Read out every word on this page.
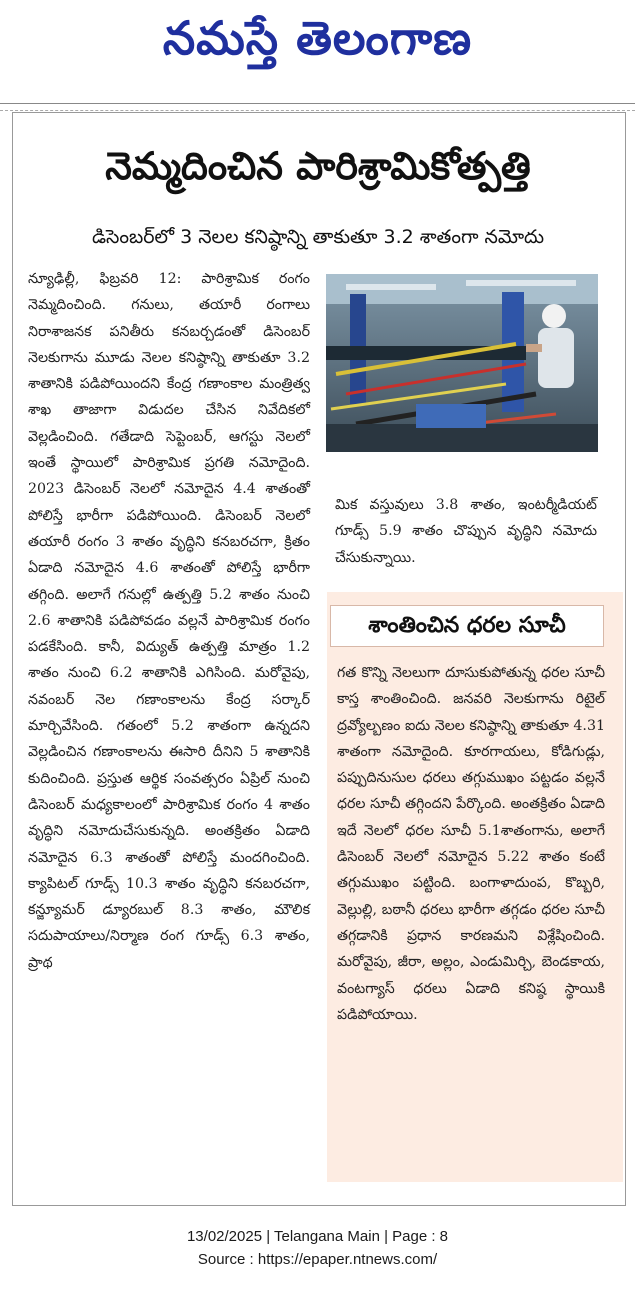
నమస్తే తెలంగాణ
నెమ్మదించిన పారిశ్రామికోత్పత్తి
డిసెంబర్‌లో 3 నెలల కనిష్ఠాన్ని తాకుతూ 3.2 శాతంగా నమోదు

న్యూఢిల్లీ, ఫిబ్రవరి 12: పారిశ్రామిక రంగం నెమ్మదించింది. గనులు, తయారీ రంగాలు నిరాశాజనక పనితీరు కనబర్చడంతో డిసెంబర్ నెలకుగాను మూడు నెలల కనిష్ఠాన్ని తాకుతూ 3.2 శాతానికి పడిపోయిందని కేంద్ర గణాంకాల మంత్రిత్వ శాఖ తాజాగా విడుదల చేసిన నివేదికలో వెల్లడించింది. గతేడాది సెప్టెంబర్, ఆగస్టు నెలలో ఇంతే స్థాయిలో పారిశ్రామిక ప్రగతి నమోదైంది. 2023 డిసెంబర్ నెలలో నమోదైన 4.4 శాతంతో పోలిస్తే భారీగా పడిపోయింది. డిసెంబర్ నెలలో తయారీ రంగం 3 శాతం వృద్ధిని కనబరచగా, క్రితం ఏడాది నమోదైన 4.6 శాతంతో పోలిస్తే భారీగా తగ్గింది. అలాగే గనుల్లో ఉత్పత్తి 5.2 శాతం నుంచి 2.6 శాతానికి పడిపోవడం వల్లనే పారిశ్రామిక రంగం పడకేసింది. కానీ, విద్యుత్ ఉత్పత్తి మాత్రం 1.2 శాతం నుంచి 6.2 శాతానికి ఎగిసింది. మరోవైపు, నవంబర్ నెల గణాంకాలను కేంద్ర సర్కార్ మార్చివేసింది. గతంలో 5.2 శాతంగా ఉన్నదని వెల్లడించిన గణాంకాలను ఈసారి దీనిని 5 శాతానికి కుదించింది. ప్రస్తుత ఆర్థిక సంవత్సరం ఏప్రిల్ నుంచి డిసెంబర్ మధ్యకాలంలో పారిశ్రామిక రంగం 4 శాతం వృద్ధిని నమోదుచేసుకున్నది. అంతక్రితం ఏడాది నమోదైన 6.3 శాతంతో పోలిస్తే మందగించింది. క్యాపిటల్ గూడ్స్ 10.3 శాతం వృద్ధిని కనబరచగా, కన్జ్యూమర్ డ్యూరబుల్ 8.3 శాతం, మౌలిక సదుపాయాలు/నిర్మాణ రంగ గూడ్స్ 6.3 శాతం, ప్రాథ

మిక వస్తువులు 3.8 శాతం, ఇంటర్మీడియట్ గూడ్స్ 5.9 శాతం చొప్పున వృద్ధిని నమోదు చేసుకున్నాయి.

శాంతించిన ధరల సూచీ

గత కొన్ని నెలలుగా దూసుకుపోతున్న ధరల సూచీ కాస్త శాంతించింది. జనవరి నెలకుగాను రిటైల్ ద్రవ్యోల్బణం ఐదు నెలల కనిష్ఠాన్ని తాకుతూ 4.31 శాతంగా నమోదైంది. కూరగాయలు, కోడిగుడ్లు, పప్పుదినుసుల ధరలు తగ్గుముఖం పట్టడం వల్లనే ధరల సూచీ తగ్గిందని పేర్కొంది. అంతక్రితం ఏడాది ఇదే నెలలో ధరల సూచీ 5.1శాతంగాను, అలాగే డిసెంబర్ నెలలో నమోదైన 5.22 శాతం కంటే తగ్గుముఖం పట్టింది. బంగాళాదుంప, కొబ్బరి, వెల్లుల్లి, బఠానీ ధరలు భారీగా తగ్గడం ధరల సూచీ తగ్గడానికి ప్రధాన కారణమని విశ్లేషించింది. మరోవైపు, జీరా, అల్లం, ఎండుమిర్చి, బెండకాయ, వంటగ్యాస్ ధరలు ఏడాది కనిష్ఠ స్థాయికి పడిపోయాయి.

13/02/2025 | Telangana Main | Page : 8
Source : https://epaper.ntnews.com/
